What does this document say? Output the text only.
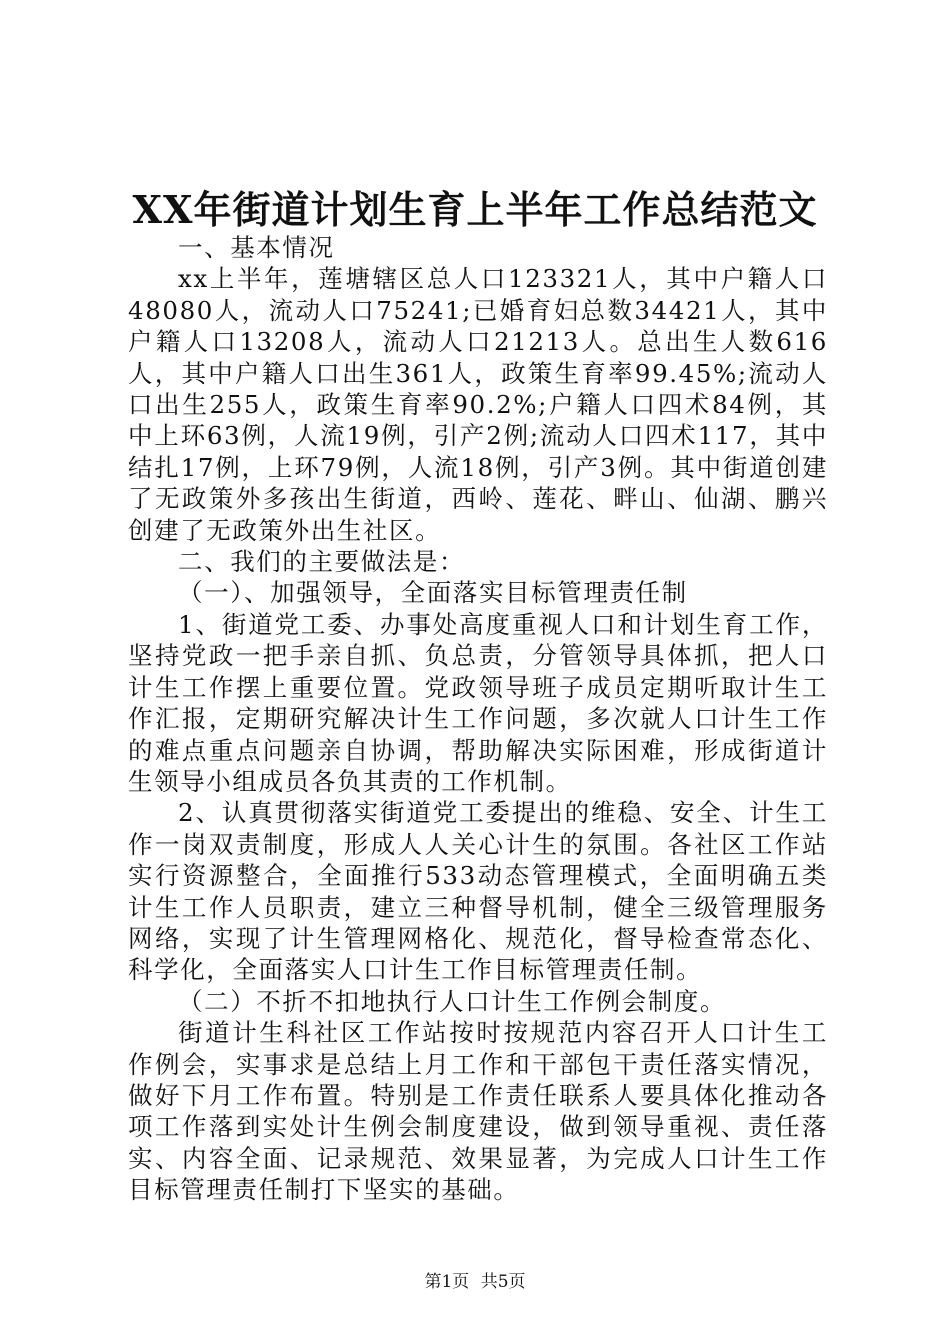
XX年街道计划生育上半年工作总结范文

一、基本情况

xx上半年，莲塘辖区总人口123321人，其中户籍人口48080人，流动人口75241;已婚育妇总数34421人，其中户籍人口13208人，流动人口21213人。总出生人数616人，其中户籍人口出生361人，政策生育率99.45%;流动人口出生255人，政策生育率90.2%;户籍人口四术84例，其中上环63例，人流19例，引产2例;流动人口四术117，其中结扎17例，上环79例，人流18例，引产3例。其中街道创建了无政策外多孩出生街道，西岭、莲花、畔山、仙湖、鹏兴创建了无政策外出生社区。

二、我们的主要做法是：

（一）、加强领导，全面落实目标管理责任制

1、街道党工委、办事处高度重视人口和计划生育工作，坚持党政一把手亲自抓、负总责，分管领导具体抓，把人口计生工作摆上重要位置。党政领导班子成员定期听取计生工作汇报，定期研究解决计生工作问题，多次就人口计生工作的难点重点问题亲自协调，帮助解决实际困难，形成街道计生领导小组成员各负其责的工作机制。

2、认真贯彻落实街道党工委提出的维稳、安全、计生工作一岗双责制度，形成人人关心计生的氛围。各社区工作站实行资源整合，全面推行533动态管理模式，全面明确五类计生工作人员职责，建立三种督导机制，健全三级管理服务网络，实现了计生管理网格化、规范化，督导检查常态化、科学化，全面落实人口计生工作目标管理责任制。

（二）不折不扣地执行人口计生工作例会制度。

街道计生科社区工作站按时按规范内容召开人口计生工作例会，实事求是总结上月工作和干部包干责任落实情况，做好下月工作布置。特别是工作责任联系人要具体化推动各项工作落到实处计生例会制度建设，做到领导重视、责任落实、内容全面、记录规范、效果显著，为完成人口计生工作目标管理责任制打下坚实的基础。

第1页 共5页
